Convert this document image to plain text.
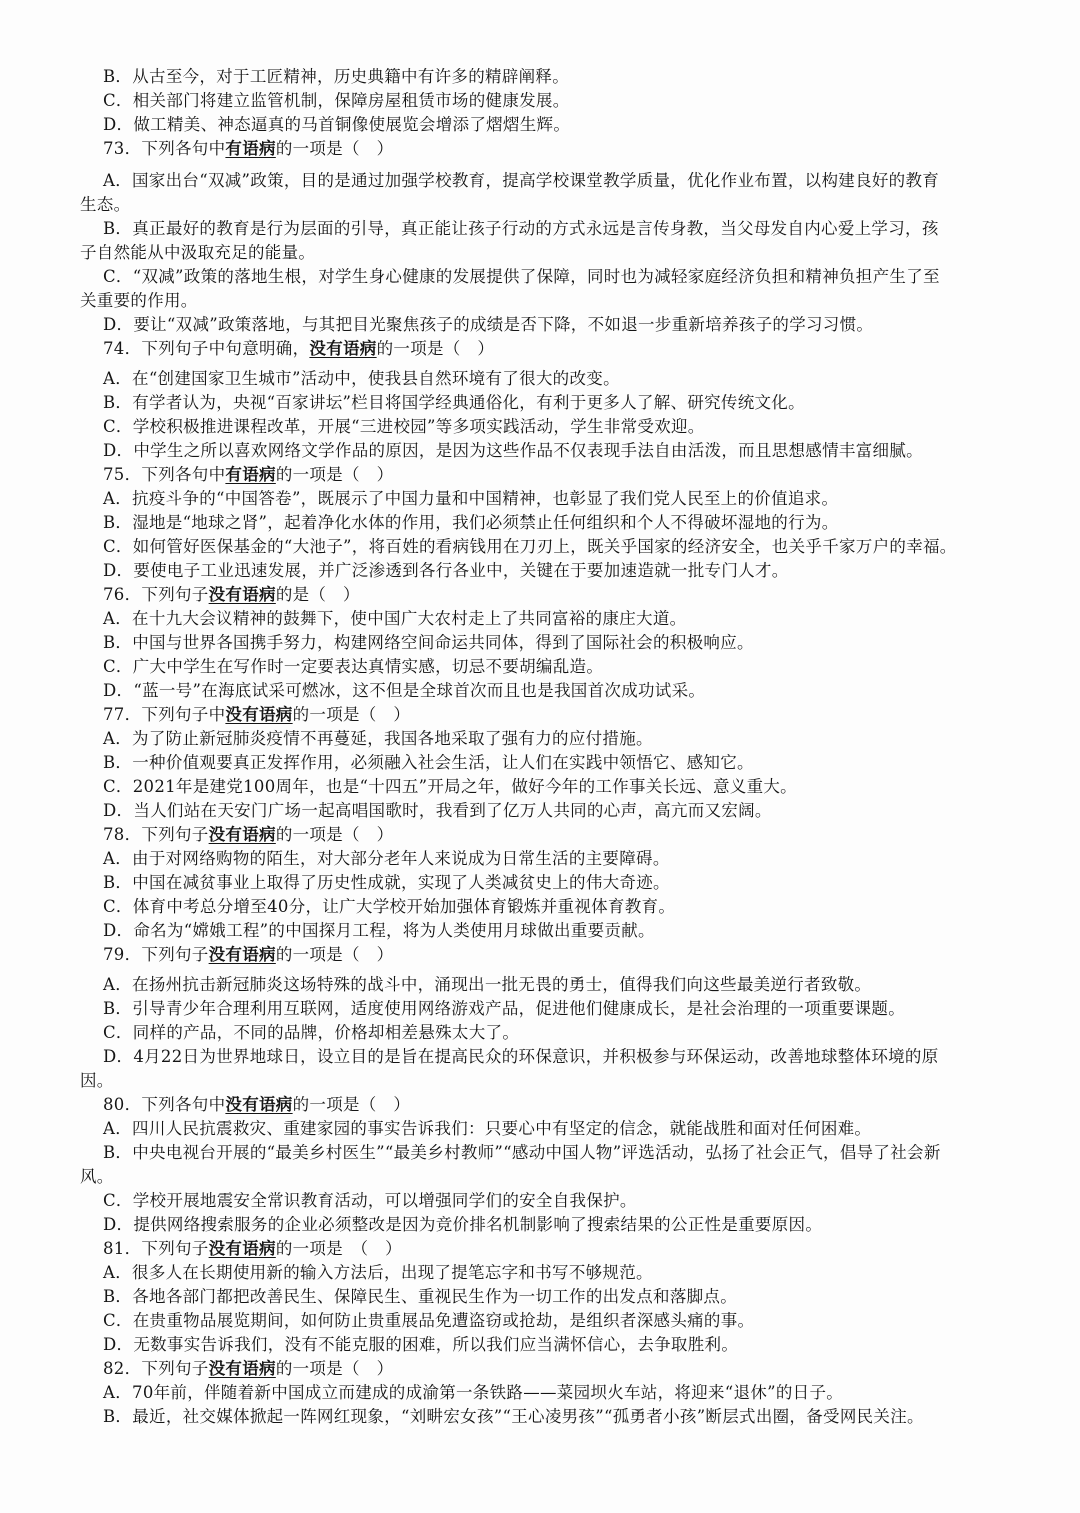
B．从古至今，对于工匠精神，历史典籍中有许多的精辟阐释。
C．相关部门将建立监管机制，保障房屋租赁市场的健康发展。
D．做工精美、神态逼真的马首铜像使展览会增添了熠熠生辉。
73．下列各句中有语病的一项是（　）
A．国家出台“双减”政策，目的是通过加强学校教育，提高学校课堂教学质量，优化作业布置，以构建良好的教育
生态。
B．真正最好的教育是行为层面的引导，真正能让孩子行动的方式永远是言传身教，当父母发自内心爱上学习，孩
子自然能从中汲取充足的能量。
C．“双减”政策的落地生根，对学生身心健康的发展提供了保障，同时也为减轻家庭经济负担和精神负担产生了至
关重要的作用。
D．要让“双减”政策落地，与其把目光聚焦孩子的成绩是否下降，不如退一步重新培养孩子的学习习惯。
74．下列句子中句意明确，没有语病的一项是（　）
A．在“创建国家卫生城市”活动中，使我县自然环境有了很大的改变。
B．有学者认为，央视“百家讲坛”栏目将国学经典通俗化，有利于更多人了解、研究传统文化。
C．学校积极推进课程改革，开展“三进校园”等多项实践活动，学生非常受欢迎。
D．中学生之所以喜欢网络文学作品的原因，是因为这些作品不仅表现手法自由活泼，而且思想感情丰富细腻。
75．下列各句中有语病的一项是（　）
A．抗疫斗争的“中国答卷”，既展示了中国力量和中国精神，也彰显了我们党人民至上的价值追求。
B．湿地是“地球之肾”，起着净化水体的作用，我们必须禁止任何组织和个人不得破坏湿地的行为。
C．如何管好医保基金的“大池子”，将百姓的看病钱用在刀刃上，既关乎国家的经济安全，也关乎千家万户的幸福。
D．要使电子工业迅速发展，并广泛渗透到各行各业中，关键在于要加速造就一批专门人才。
76．下列句子没有语病的是（　）
A．在十九大会议精神的鼓舞下，使中国广大农村走上了共同富裕的康庄大道。
B．中国与世界各国携手努力，构建网络空间命运共同体，得到了国际社会的积极响应。
C．广大中学生在写作时一定要表达真情实感，切忌不要胡编乱造。
D．“蓝一号”在海底试采可燃冰，这不但是全球首次而且也是我国首次成功试采。
77．下列句子中没有语病的一项是（　）
A．为了防止新冠肺炎疫情不再蔓延，我国各地采取了强有力的应付措施。
B．一种价值观要真正发挥作用，必须融入社会生活，让人们在实践中领悟它、感知它。
C．2021年是建党100周年，也是“十四五”开局之年，做好今年的工作事关长远、意义重大。
D．当人们站在天安门广场一起高唱国歌时，我看到了亿万人共同的心声，高亢而又宏阔。
78．下列句子没有语病的一项是（　）
A．由于对网络购物的陌生，对大部分老年人来说成为日常生活的主要障碍。
B．中国在减贫事业上取得了历史性成就，实现了人类减贫史上的伟大奇迹。
C．体育中考总分增至40分，让广大学校开始加强体育锻炼并重视体育教育。
D．命名为“嫦娥工程”的中国探月工程，将为人类使用月球做出重要贡献。
79．下列句子没有语病的一项是（　）
A．在扬州抗击新冠肺炎这场特殊的战斗中，涌现出一批无畏的勇士，值得我们向这些最美逆行者致敬。
B．引导青少年合理利用互联网，适度使用网络游戏产品，促进他们健康成长，是社会治理的一项重要课题。
C．同样的产品，不同的品牌，价格却相差悬殊太大了。
D．4月22日为世界地球日，设立目的是旨在提高民众的环保意识，并积极参与环保运动，改善地球整体环境的原
因。
80．下列各句中没有语病的一项是（　）
A．四川人民抗震救灾、重建家园的事实告诉我们：只要心中有坚定的信念，就能战胜和面对任何困难。
B．中央电视台开展的“最美乡村医生”“最美乡村教师”“感动中国人物”评选活动，弘扬了社会正气，倡导了社会新
风。
C．学校开展地震安全常识教育活动，可以增强同学们的安全自我保护。
D．提供网络搜索服务的企业必须整改是因为竞价排名机制影响了搜索结果的公正性是重要原因。
81．下列句子没有语病的一项是　（　）
A．很多人在长期使用新的输入方法后，出现了提笔忘字和书写不够规范。
B．各地各部门都把改善民生、保障民生、重视民生作为一切工作的出发点和落脚点。
C．在贵重物品展览期间，如何防止贵重展品免遭盗窃或抢劫，是组织者深感头痛的事。
D．无数事实告诉我们，没有不能克服的困难，所以我们应当满怀信心，去争取胜利。
82．下列句子没有语病的一项是（　）
A．70年前，伴随着新中国成立而建成的成渝第一条铁路——菜园坝火车站，将迎来“退休”的日子。
B．最近，社交媒体掀起一阵网红现象，“刘畊宏女孩”“王心凌男孩”“孤勇者小孩”断层式出圈，备受网民关注。
